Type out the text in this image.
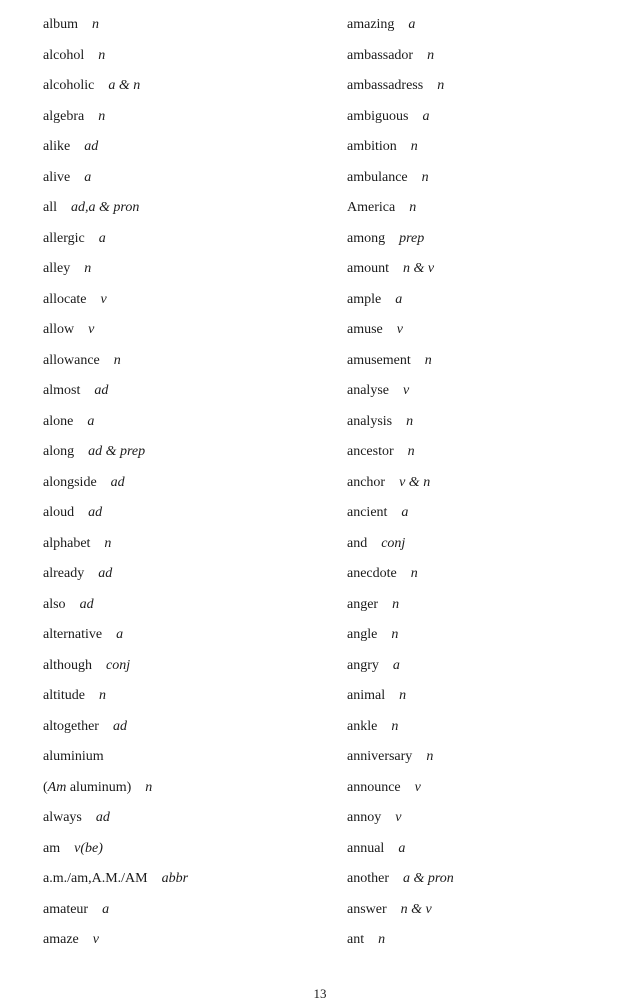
album n
alcohol n
alcoholic a & n
algebra n
alike ad
alive a
all ad,a & pron
allergic a
alley n
allocate v
allow v
allowance n
almost ad
alone a
along ad & prep
alongside ad
aloud ad
alphabet n
already ad
also ad
alternative a
although conj
altitude n
altogether ad
aluminium
(Am aluminum) n
always ad
am v(be)
a.m./am,A.M./AM abbr
amateur a
amaze v
amazing a
ambassador n
ambassadress n
ambiguous a
ambition n
ambulance n
America n
among prep
amount n & v
ample a
amuse v
amusement n
analyse v
analysis n
ancestor n
anchor v & n
ancient a
and conj
anecdote n
anger n
angle n
angry a
animal n
ankle n
anniversary n
announce v
annoy v
annual a
another a & pron
answer n & v
ant n
13
